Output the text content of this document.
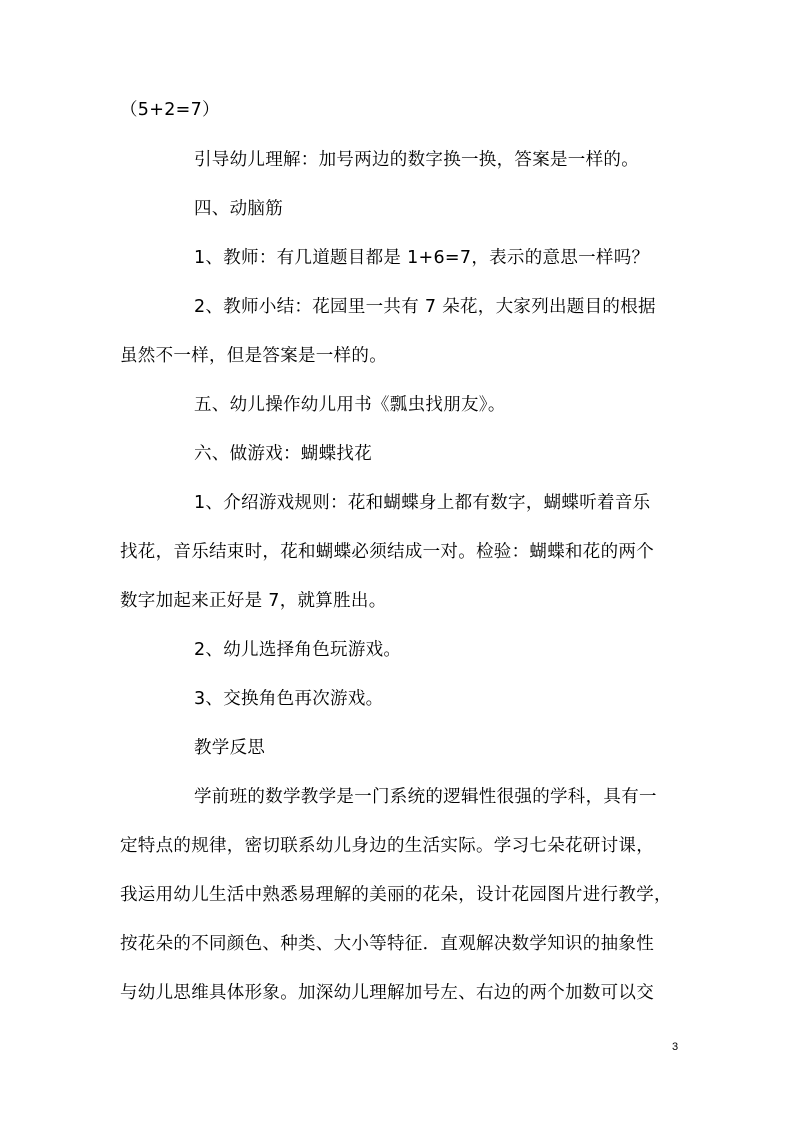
（5+2=7）
引导幼儿理解：加号两边的数字换一换，答案是一样的。
四、动脑筋
1、教师：有几道题目都是 1+6=7，表示的意思一样吗？
2、教师小结：花园里一共有 7 朵花，大家列出题目的根据
虽然不一样，但是答案是一样的。
五、幼儿操作幼儿用书《瓢虫找朋友》。
六、做游戏：蝴蝶找花
1、介绍游戏规则：花和蝴蝶身上都有数字，蝴蝶听着音乐
找花，音乐结束时，花和蝴蝶必须结成一对。检验：蝴蝶和花的两个
数字加起来正好是 7，就算胜出。
2、幼儿选择角色玩游戏。
3、交换角色再次游戏。
教学反思
学前班的数学教学是一门系统的逻辑性很强的学科，具有一
定特点的规律，密切联系幼儿身边的生活实际。学习七朵花研讨课，
我运用幼儿生活中熟悉易理解的美丽的花朵，设计花园图片进行教学，
按花朵的不同颜色、种类、大小等特征．直观解决数学知识的抽象性
与幼儿思维具体形象。加深幼儿理解加号左、右边的两个加数可以交
3
